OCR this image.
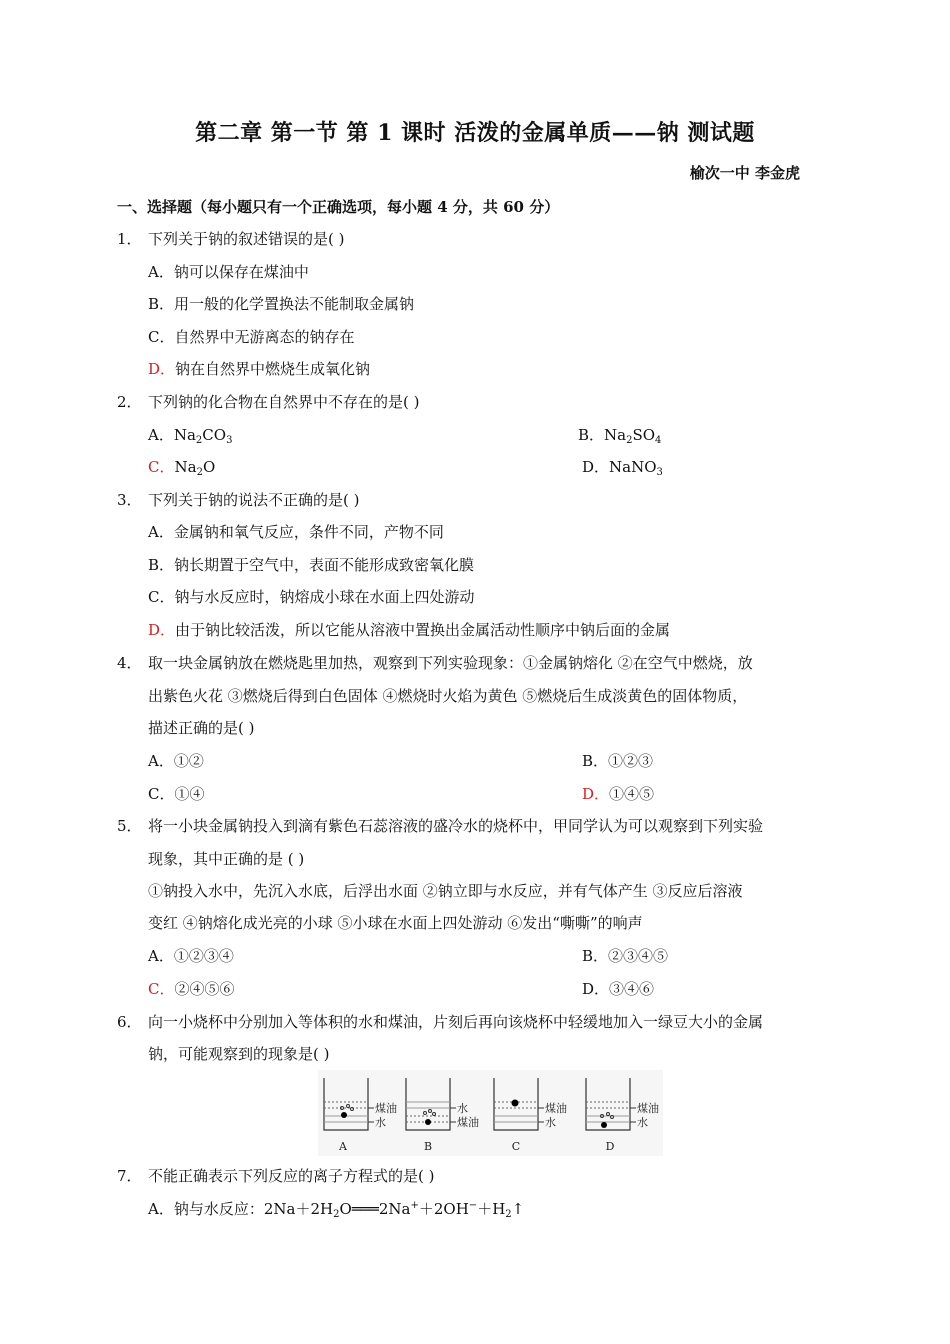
第二章 第一节 第 1 课时 活泼的金属单质——钠 测试题
榆次一中 李金虎
一、选择题（每小题只有一个正确选项，每小题 4 分，共 60 分）
1． 下列关于钠的叙述错误的是( )
A．钠可以保存在煤油中
B．用一般的化学置换法不能制取金属钠
C．自然界中无游离态的钠存在
D．钠在自然界中燃烧生成氧化钠
2． 下列钠的化合物在自然界中不存在的是( )
A．$Na_2CO_3$	B．$Na_2SO_4$
C．$Na_2O$	D．NaNO$_3$
3． 下列关于钠的说法不正确的是( )
A．金属钠和氧气反应，条件不同，产物不同
B．钠长期置于空气中，表面不能形成致密氧化膜
C．钠与水反应时，钠熔成小球在水面上四处游动
D．由于钠比较活泼，所以它能从溶液中置换出金属活动性顺序中钠后面的金属
4． 取一块金属钠放在燃烧匙里加热，观察到下列实验现象：①金属钠熔化 ②在空气中燃烧，放
出紫色火花 ③燃烧后得到白色固体 ④燃烧时火焰为黄色 ⑤燃烧后生成淡黄色的固体物质，
描述正确的是( )
A．①②	B．①②③
C．①④	D．①④⑤
5． 将一小块金属钠投入到滴有紫色石蕊溶液的盛冷水的烧杯中，甲同学认为可以观察到下列实验
现象，其中正确的是 ( )
①钠投入水中，先沉入水底，后浮出水面 ②钠立即与水反应，并有气体产生 ③反应后溶液
变红 ④钠熔化成光亮的小球 ⑤小球在水面上四处游动 ⑥发出“嘶嘶”的响声
A．①②③④	B．②③④⑤
C．②④⑤⑥	D．③④⑥
6． 向一小烧杯中分别加入等体积的水和煤油，片刻后再向该烧杯中轻缓地加入一绿豆大小的金属
钠，可能观察到的现象是( )
煤油
水
A
水
煤油
B
煤油
水
C
煤油
水
D
7． 不能正确表示下列反应的离子方程式的是( )
A．钠与水反应：$2Na+2H_2O═══2Na^++2OH^-+H_2↑$
